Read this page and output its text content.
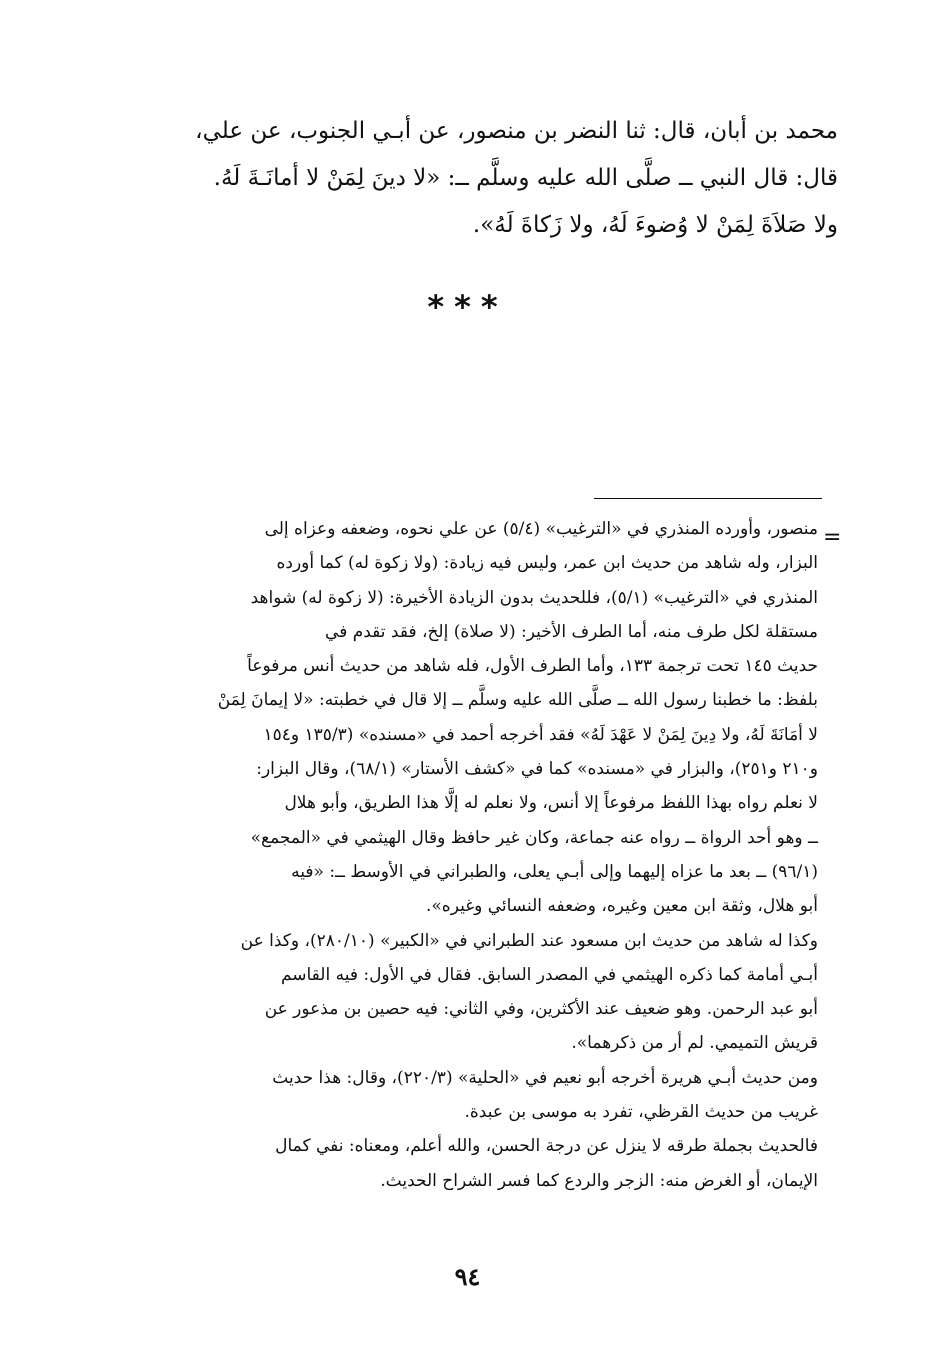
محمد بن أبان، قال: ثنا النضر بن منصور، عن أبـي الجنوب، عن علي،
قال: قال النبي ــ صلَّى الله عليه وسلَّم ــ: «لا دينَ لِمَنْ لا أمانَـةَ لَهُ.
ولا صَلاَةَ لِمَنْ لا وُضوءَ لَهُ، ولا زَكاةَ لَهُ».
***
=
منصور، وأورده المنذري في «الترغيب» (٥/٤) عن علي نحوه، وضعفه وعزاه إلى
البزار، وله شاهد من حديث ابن عمر، وليس فيه زيادة: (ولا زكوة له) كما أورده
المنذري في «الترغيب» (٥/١)، فللحديث بدون الزيادة الأخيرة: (لا زكوة له) شواهد
مستقلة لكل طرف منه، أما الطرف الأخير: (لا صلاة) إلخ، فقد تقدم في
حديث ١٤٥ تحت ترجمة ١٣٣، وأما الطرف الأول، فله شاهد من حديث أنس مرفوعاً
بلفظ: ما خطبنا رسول الله ــ صلَّى الله عليه وسلَّم ــ إلا قال في خطبته: «لا إيمانَ لِمَنْ
لا أمَانَةَ لَهُ، ولا دِينَ لِمَنْ لا عَهْدَ لَهُ» فقد أخرجه أحمد في «مسنده» (١٣٥/٣ و١٥٤
و٢١٠ و٢٥١)، والبزار في «مسنده» كما في «كشف الأستار» (٦٨/١)، وقال البزار:
لا نعلم رواه بهذا اللفظ مرفوعاً إلا أنس، ولا نعلم له إلَّا هذا الطريق، وأبو هلال
ــ وهو أحد الرواة ــ رواه عنه جماعة، وكان غير حافظ وقال الهيثمي في «المجمع»
(٩٦/١) ــ بعد ما عزاه إليهما وإلى أبـي يعلى، والطبراني في الأوسط ــ: «فيه
أبو هلال، وثقة ابن معين وغيره، وضعفه النسائي وغيره».
وكذا له شاهد من حديث ابن مسعود عند الطبراني في «الكبير» (٢٨٠/١٠)، وكذا عن
أبـي أمامة كما ذكره الهيثمي في المصدر السابق. فقال في الأول: فيه القاسم
أبو عبد الرحمن. وهو ضعيف عند الأكثرين، وفي الثاني: فيه حصين بن مذعور عن
قريش التميمي. لم أر من ذكرهما».
ومن حديث أبـي هريرة أخرجه أبو نعيم في «الحلية» (٢٢٠/٣)، وقال: هذا حديث
غريب من حديث القرظي، تفرد به موسى بن عبدة.
فالحديث بجملة طرقه لا ينزل عن درجة الحسن، والله أعلم، ومعناه: نفي كمال
الإيمان، أو الغرض منه: الزجر والردع كما فسر الشراح الحديث.
٩٤
